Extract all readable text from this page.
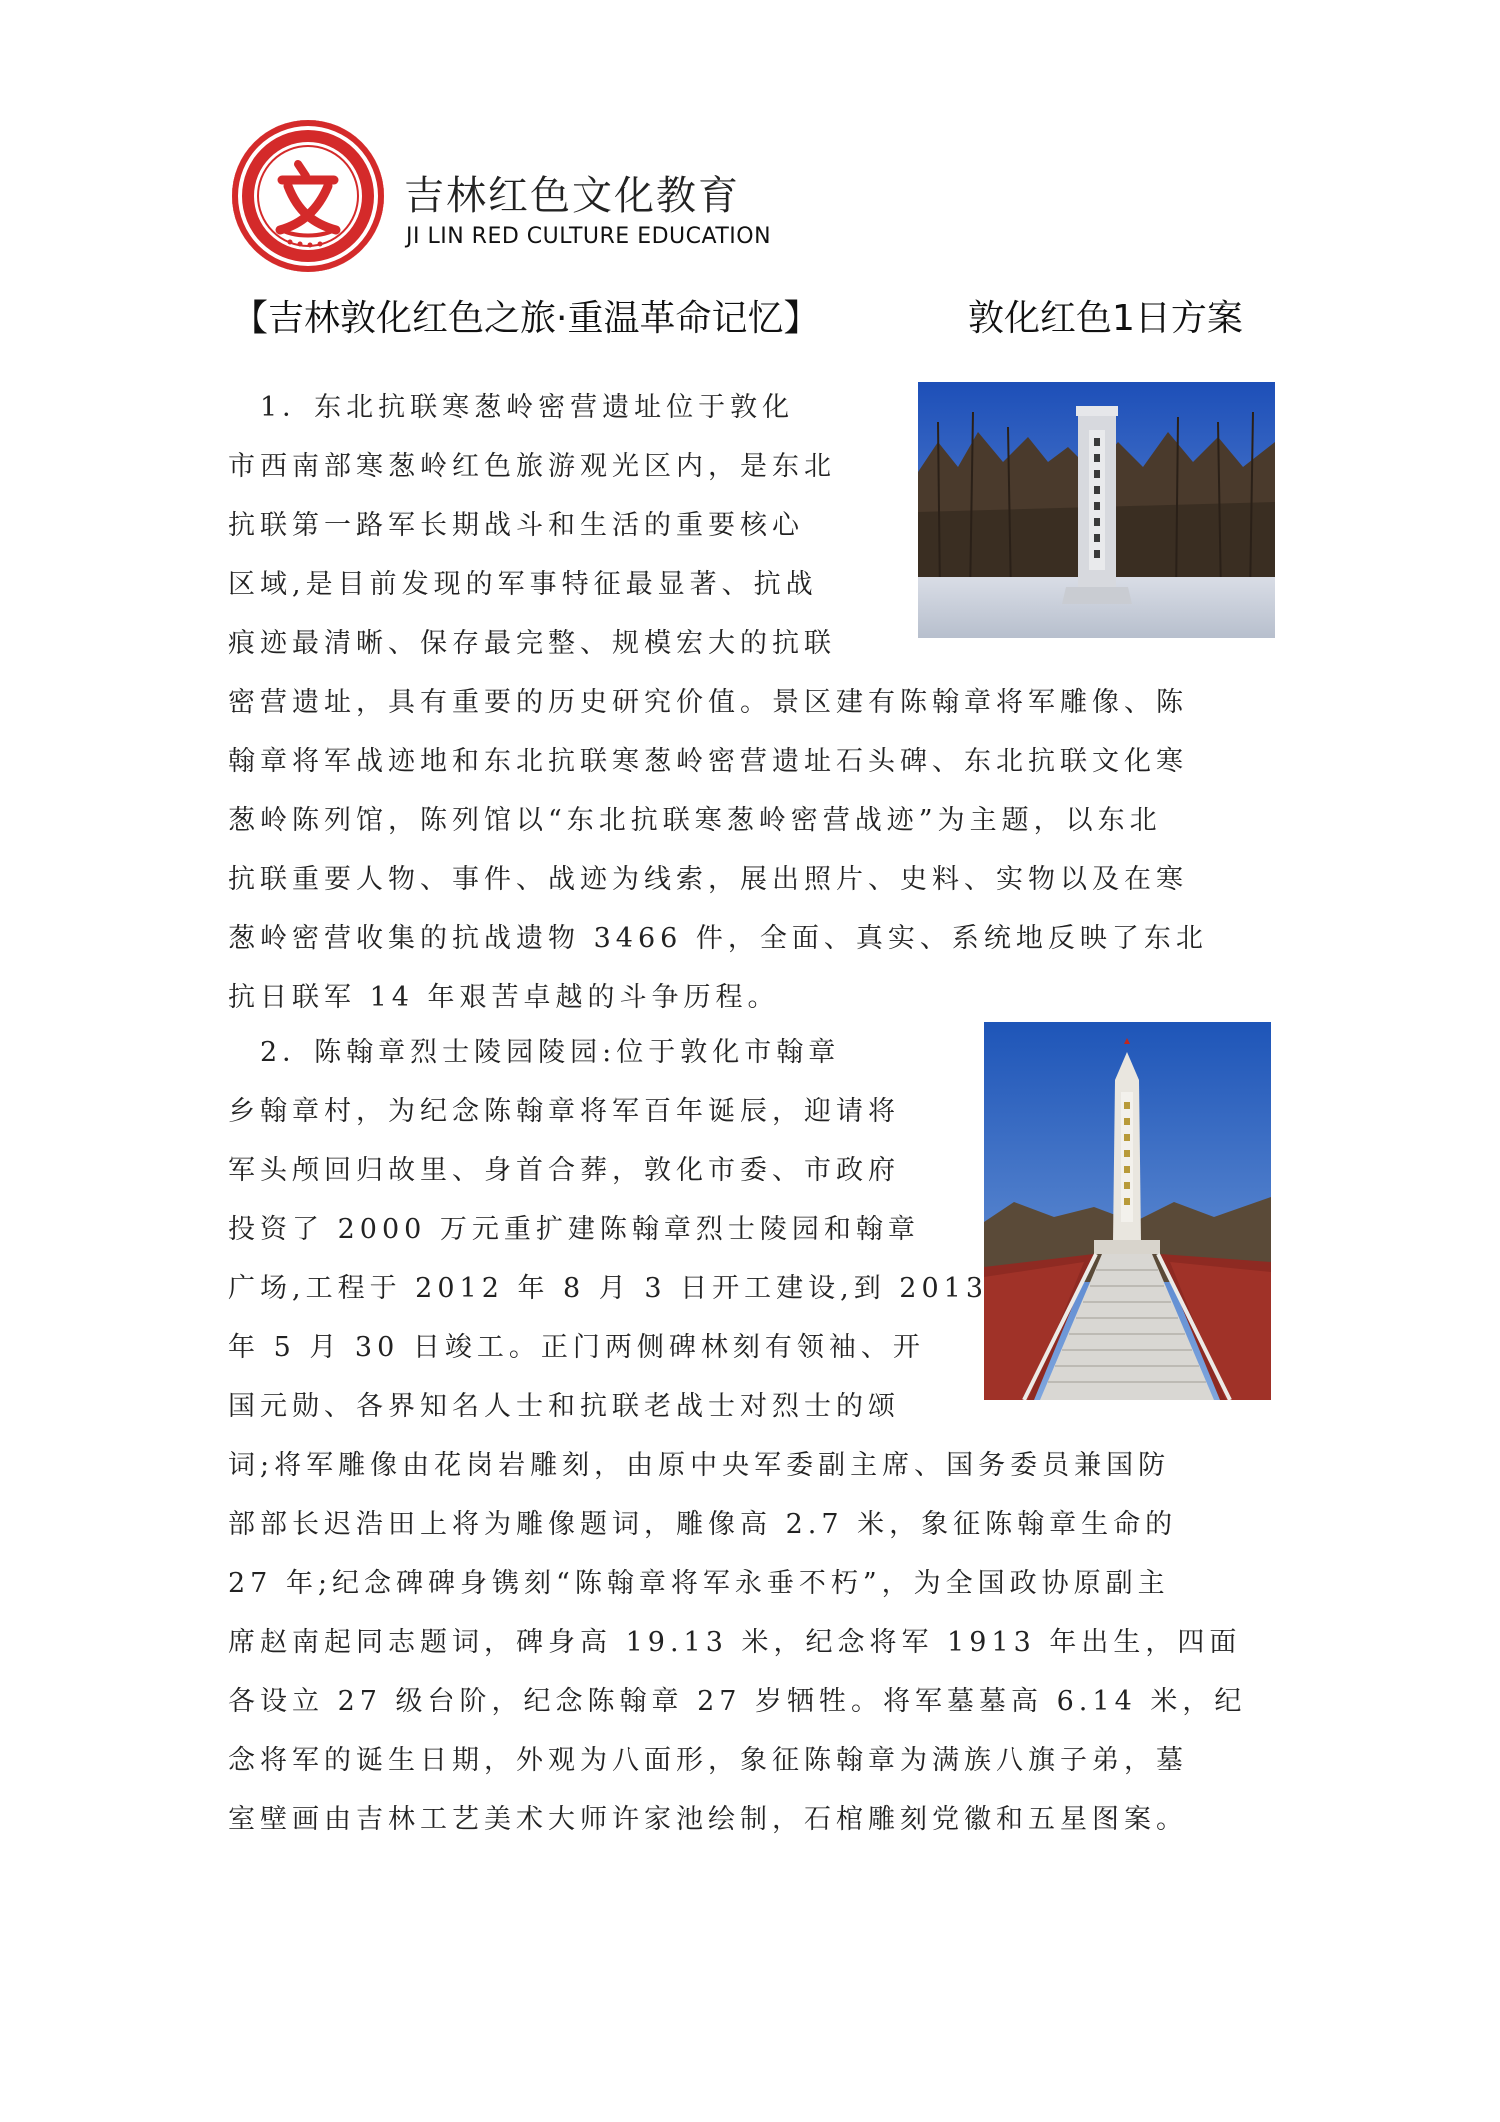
吉林红色文化教育
JI LIN RED CULTURE EDUCATION
【吉林敦化红色之旅·重温革命记忆】	敦化红色1日方案
　1．东北抗联寒葱岭密营遗址位于敦化
市西南部寒葱岭红色旅游观光区内，是东北
抗联第一路军长期战斗和生活的重要核心
区域,是目前发现的军事特征最显著、抗战
痕迹最清晰、保存最完整、规模宏大的抗联
密营遗址，具有重要的历史研究价值。景区建有陈翰章将军雕像、陈
翰章将军战迹地和东北抗联寒葱岭密营遗址石头碑、东北抗联文化寒
葱岭陈列馆，陈列馆以“东北抗联寒葱岭密营战迹”为主题，以东北
抗联重要人物、事件、战迹为线索，展出照片、史料、实物以及在寒
葱岭密营收集的抗战遗物 3466 件，全面、真实、系统地反映了东北
抗日联军 14 年艰苦卓越的斗争历程。
　2．陈翰章烈士陵园陵园:位于敦化市翰章
乡翰章村，为纪念陈翰章将军百年诞辰，迎请将
军头颅回归故里、身首合葬，敦化市委、市政府
投资了 2000 万元重扩建陈翰章烈士陵园和翰章
广场,工程于 2012 年 8 月 3 日开工建设,到 2013
年 5 月 30 日竣工。正门两侧碑林刻有领袖、开
国元勋、各界知名人士和抗联老战士对烈士的颂
词;将军雕像由花岗岩雕刻，由原中央军委副主席、国务委员兼国防
部部长迟浩田上将为雕像题词，雕像高 2.7 米，象征陈翰章生命的
27 年;纪念碑碑身镌刻“陈翰章将军永垂不朽”，为全国政协原副主
席赵南起同志题词，碑身高 19.13 米，纪念将军 1913 年出生，四面
各设立 27 级台阶，纪念陈翰章 27 岁牺牲。将军墓墓高 6.14 米，纪
念将军的诞生日期，外观为八面形，象征陈翰章为满族八旗子弟，墓
室壁画由吉林工艺美术大师许家池绘制，石棺雕刻党徽和五星图案。
